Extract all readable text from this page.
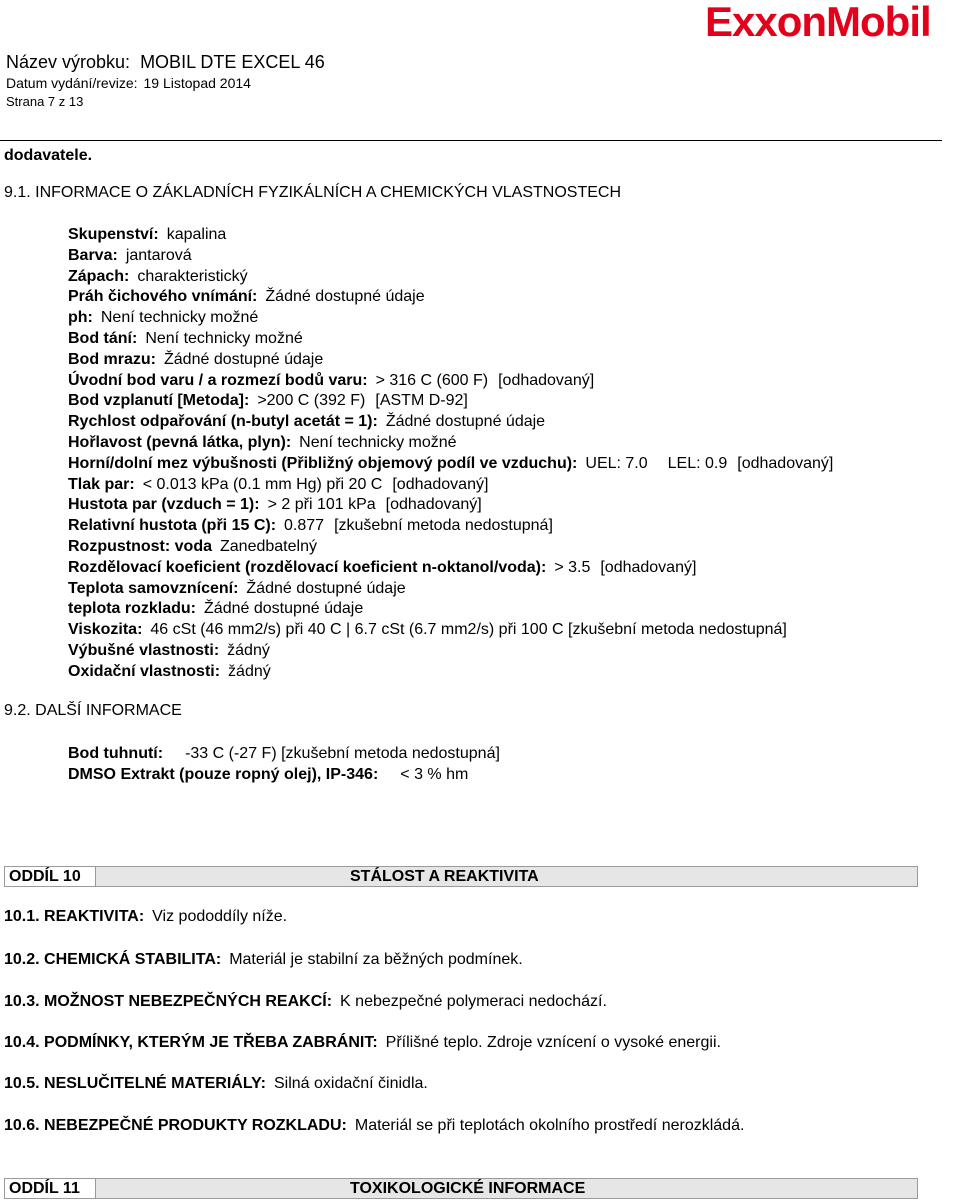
Název výrobku: MOBIL DTE EXCEL 46
Datum vydání/revize: 19 Listopad 2014
Strana 7 z 13
ExxonMobil
dodavatele.
9.1. INFORMACE O ZÁKLADNÍCH FYZIKÁLNÍCH A CHEMICKÝCH VLASTNOSTECH
Skupenství: kapalina
Barva: jantarová
Zápach: charakteristický
Práh čichového vnímání: Žádné dostupné údaje
ph: Není technicky možné
Bod tání: Není technicky možné
Bod mrazu: Žádné dostupné údaje
Úvodní bod varu / a rozmezí bodů varu: > 316 C (600 F) [odhadovaný]
Bod vzplanutí [Metoda]: >200 C (392 F) [ASTM D-92]
Rychlost odpařování (n-butyl acetát = 1): Žádné dostupné údaje
Hořlavost (pevná látka, plyn): Není technicky možné
Horní/dolní mez výbušnosti (Přibližný objemový podíl ve vzduchu): UEL: 7.0 LEL: 0.9 [odhadovaný]
Tlak par: < 0.013 kPa (0.1 mm Hg) při 20 C [odhadovaný]
Hustota par (vzduch = 1): > 2 při 101 kPa [odhadovaný]
Relativní hustota (při 15 C): 0.877 [zkušební metoda nedostupná]
Rozpustnost: voda Zanedbatelný
Rozdělovací koeficient (rozdělovací koeficient n-oktanol/voda): > 3.5 [odhadovaný]
Teplota samovznícení: Žádné dostupné údaje
teplota rozkladu: Žádné dostupné údaje
Viskozita: 46 cSt (46 mm2/s) při 40 C | 6.7 cSt (6.7 mm2/s) při 100 C [zkušební metoda nedostupná]
Výbušné vlastnosti: žádný
Oxidační vlastnosti: žádný
9.2. DALŠÍ INFORMACE
Bod tuhnutí: -33 C (-27 F) [zkušební metoda nedostupná]
DMSO Extrakt (pouze ropný olej), IP-346: < 3 % hm
ODDÍL 10	STÁLOST A REAKTIVITA
10.1. REAKTIVITA: Viz pododdíly níže.
10.2. CHEMICKÁ STABILITA: Materiál je stabilní za běžných podmínek.
10.3. MOŽNOST NEBEZPEČNÝCH REAKCÍ: K nebezpečné polymeraci nedochází.
10.4. PODMÍNKY, KTERÝM JE TŘEBA ZABRÁNIT: Přílišné teplo. Zdroje vznícení o vysoké energii.
10.5. NESLUČITELNÉ MATERIÁLY: Silná oxidační činidla.
10.6. NEBEZPEČNÉ PRODUKTY ROZKLADU: Materiál se při teplotách okolního prostředí nerozkládá.
ODDÍL 11	TOXIKOLOGICKÉ INFORMACE
